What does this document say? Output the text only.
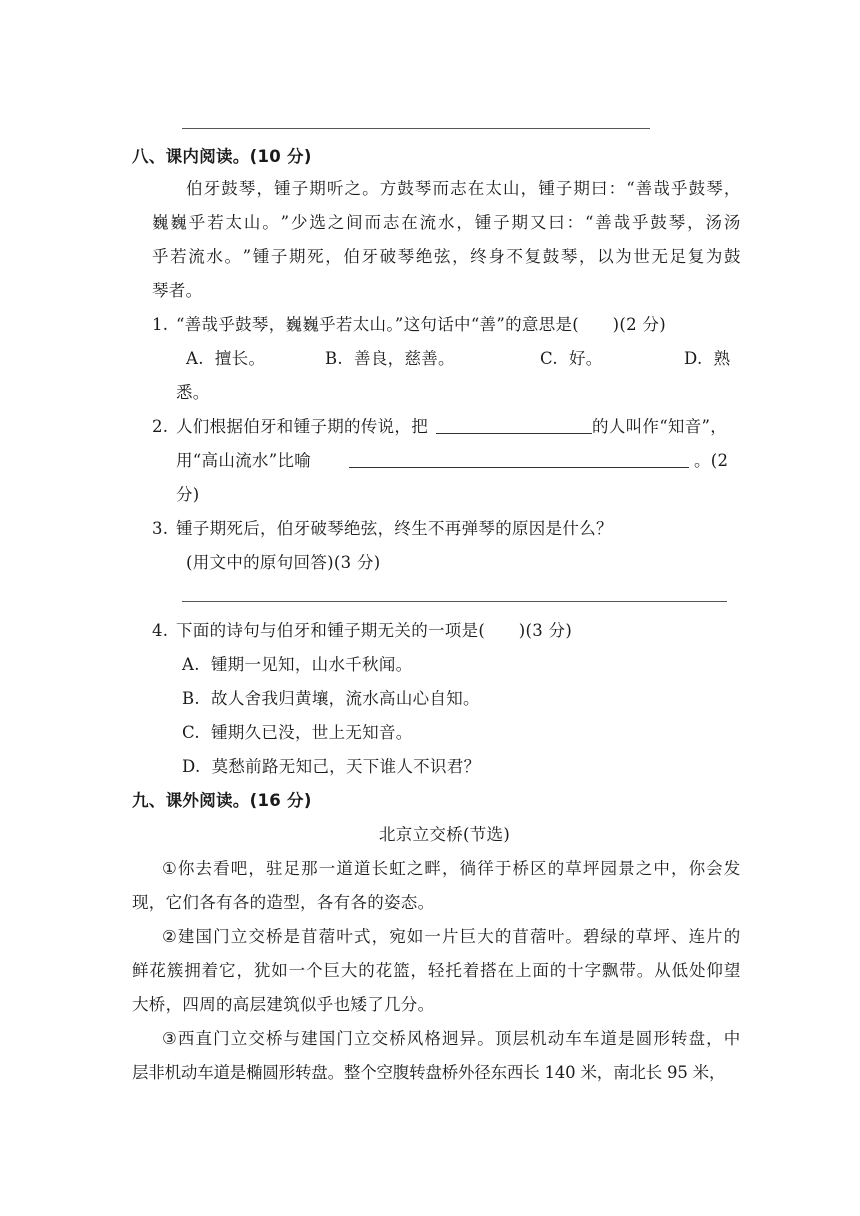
八、课内阅读。(10 分)
伯 牙 鼓 琴 ， 锺 子 期 听 之 。 方 鼓 琴 而 志 在 太 山 ， 锺 子 期 曰 ： “ 善 哉 乎 鼓 琴 ，
巍 巍 乎 若 太 山 。 ” 少 选 之 间 而 志 在 流 水 ， 锺 子 期 又 曰 ： “ 善 哉 乎 鼓 琴 ， 汤 汤
乎 若 流 水 。 ” 锺 子 期 死 ， 伯 牙 破 琴 绝 弦 ， 终 身 不 复 鼓 琴 ， 以 为 世 无 足 复 为 鼓
琴者。
1. “善哉乎鼓琴，巍巍乎若太山。”这句话中“善”的意思是(　　)(2 分)
A.  擅长。	B.  善良，慈善。	C.  好。	D.  熟
悉。
2. 人们根据伯牙和锺子期的传说，把	的人叫作“知音”，
用“高山流水”比喻	。(2
分)
3. 锺子期死后，伯牙破琴绝弦，终生不再弹琴的原因是什么？
(用文中的原句回答)(3 分)
4. 下面的诗句与伯牙和锺子期无关的一项是(　　)(3 分)
A.  锺期一见知，山水千秋闻。
B.  故人舍我归黄壤，流水高山心自知。
C.  锺期久已没，世上无知音。
D.  莫愁前路无知己，天下谁人不识君？
九、课外阅读。(16 分)
北京立交桥(节选)
① 你 去 看 吧 ， 驻 足 那 一 道 道 长 虹 之 畔 ， 徜 徉 于 桥 区 的 草 坪 园 景 之 中 ， 你 会 发
现，它们各有各的造型，各有各的姿态。
② 建 国 门 立 交 桥 是 苜 蓿 叶 式 ， 宛 如 一 片 巨 大 的 苜 蓿 叶 。 碧 绿 的 草 坪 、 连 片 的
鲜 花 簇 拥 着 它 ， 犹 如 一 个 巨 大 的 花 篮 ， 轻 托 着 搭 在 上 面 的 十 字 飘 带 。 从 低 处 仰 望
大桥，四周的高层建筑似乎也矮了几分。
③ 西 直 门 立 交 桥 与 建 国 门 立 交 桥 风 格 迥 异 。 顶 层 机 动 车 车 道 是 圆 形 转 盘 ， 中
层非机动车道是椭圆形转盘。整个空腹转盘桥外径东西长 140 米，南北长 95 米，
